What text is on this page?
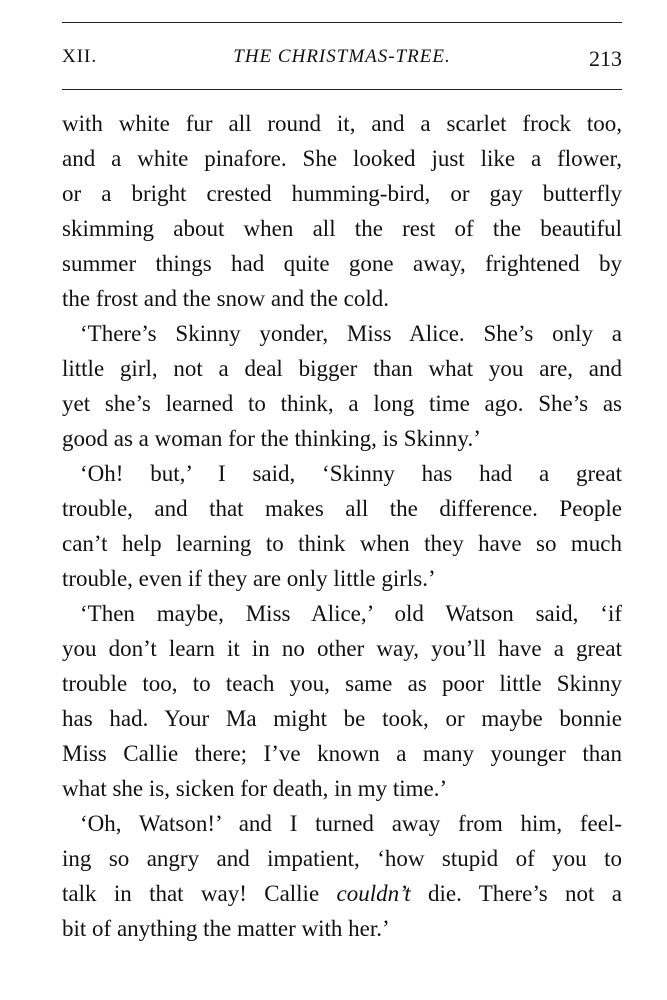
XII.	THE CHRISTMAS-TREE.	213
with white fur all round it, and a scarlet frock too,
and a white pinafore. She looked just like a flower,
or a bright crested humming-bird, or gay butterfly
skimming about when all the rest of the beautiful
summer things had quite gone away, frightened by
the frost and the snow and the cold.
‘There’s Skinny yonder, Miss Alice. She’s only a
little girl, not a deal bigger than what you are, and
yet she’s learned to think, a long time ago. She’s as
good as a woman for the thinking, is Skinny.’
‘Oh! but,’ I said, ‘Skinny has had a great
trouble, and that makes all the difference. People
can’t help learning to think when they have so much
trouble, even if they are only little girls.’
‘Then maybe, Miss Alice,’ old Watson said, ‘if
you don’t learn it in no other way, you’ll have a great
trouble too, to teach you, same as poor little Skinny
has had. Your Ma might be took, or maybe bonnie
Miss Callie there; I’ve known a many younger than
what she is, sicken for death, in my time.’
‘Oh, Watson!’ and I turned away from him, feel-
ing so angry and impatient, ‘how stupid of you to
talk in that way! Callie couldn’t die. There’s not a
bit of anything the matter with her.’
